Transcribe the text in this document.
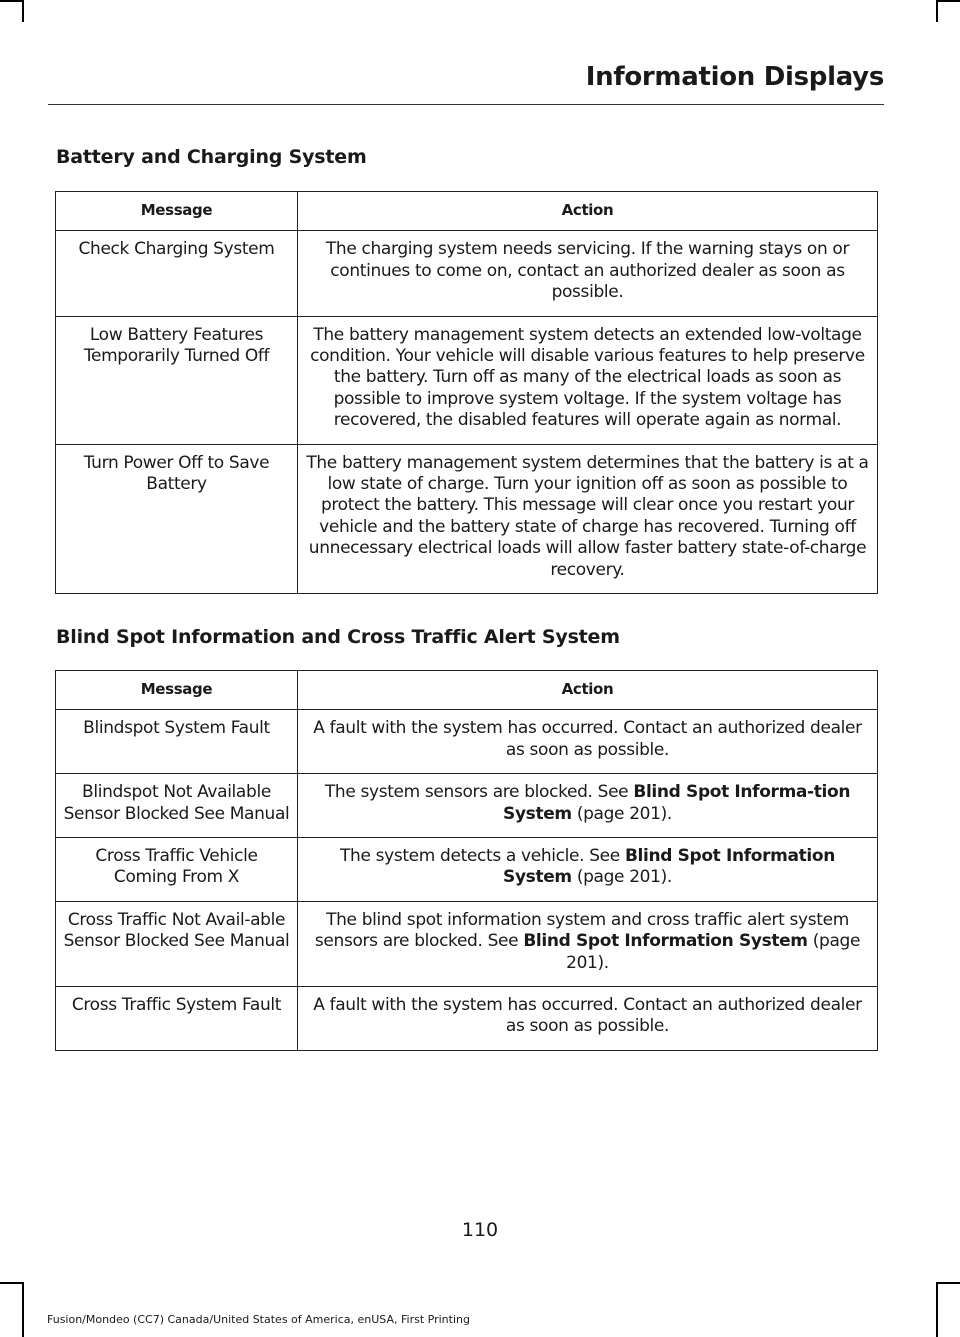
Information Displays
Battery and Charging System
Message	Action
Check Charging System	The charging system needs servicing. If the warning stays on or continues to come on, contact an authorized dealer as soon as possible.
Low Battery Features Temporarily Turned Off	The battery management system detects an extended low-voltage condition. Your vehicle will disable various features to help preserve the battery. Turn off as many of the electrical loads as soon as possible to improve system voltage. If the system voltage has recovered, the disabled features will operate again as normal.
Turn Power Off to Save Battery	The battery management system determines that the battery is at a low state of charge. Turn your ignition off as soon as possible to protect the battery. This message will clear once you restart your vehicle and the battery state of charge has recovered. Turning off unnecessary electrical loads will allow faster battery state-of-charge recovery.
Blind Spot Information and Cross Traffic Alert System
Message	Action
Blindspot System Fault	A fault with the system has occurred. Contact an authorized dealer as soon as possible.
Blindspot Not Available Sensor Blocked See Manual	The system sensors are blocked. See Blind Spot Informa-tion System (page 201).
Cross Traffic Vehicle Coming From X	The system detects a vehicle. See Blind Spot Information System (page 201).
Cross Traffic Not Avail-able Sensor Blocked See Manual	The blind spot information system and cross traffic alert system sensors are blocked. See Blind Spot Information System (page 201).
Cross Traffic System Fault	A fault with the system has occurred. Contact an authorized dealer as soon as possible.
110
Fusion/Mondeo (CC7) Canada/United States of America, enUSA, First Printing
